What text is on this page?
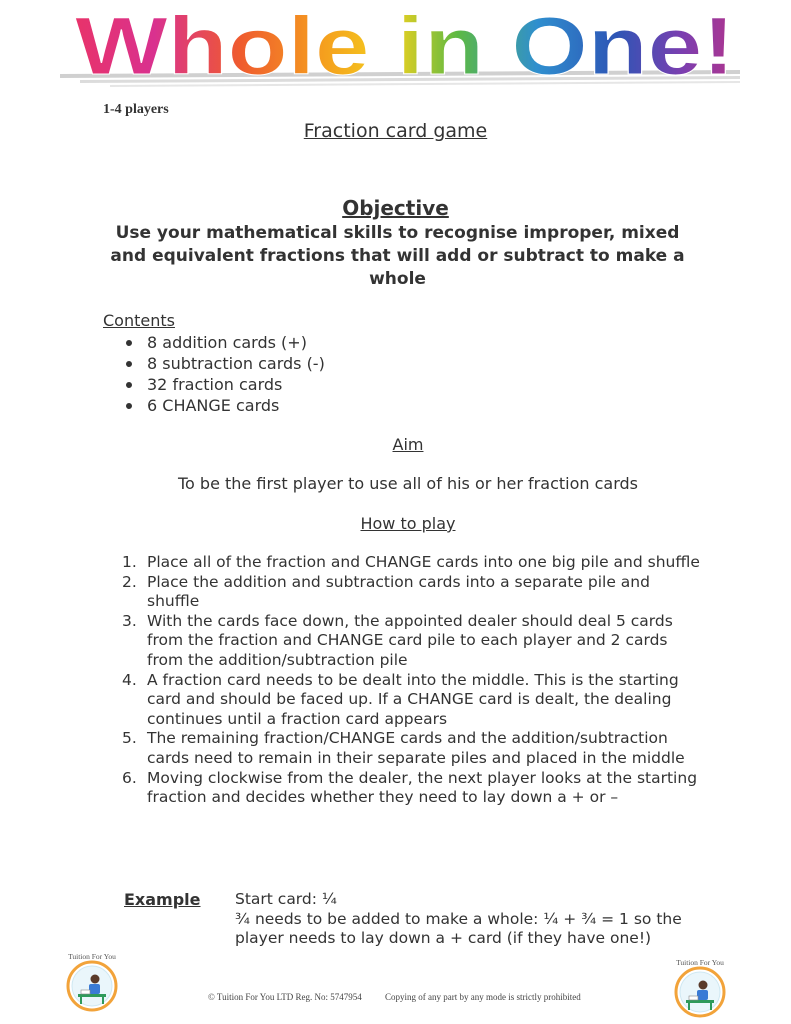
Whole in One!
1-4 players
Fraction card game
Objective
Use your mathematical skills to recognise improper, mixed and equivalent fractions that will add or subtract to make a whole
Contents
8 addition cards (+)
8 subtraction cards (-)
32 fraction cards
6 CHANGE cards
Aim
To be the first player to use all of his or her fraction cards
How to play
1. Place all of the fraction and CHANGE cards into one big pile and shuffle
2. Place the addition and subtraction cards into a separate pile and shuffle
3. With the cards face down, the appointed dealer should deal 5 cards from the fraction and CHANGE card pile to each player and 2 cards from the addition/subtraction pile
4. A fraction card needs to be dealt into the middle. This is the starting card and should be faced up. If a CHANGE card is dealt, the dealing continues until a fraction card appears
5. The remaining fraction/CHANGE cards and the addition/subtraction cards need to remain in their separate piles and placed in the middle
6. Moving clockwise from the dealer, the next player looks at the starting fraction and decides whether they need to lay down a + or –
Example Start card: ¼
¾ needs to be added to make a whole: ¼ + ¾ = 1 so the player needs to lay down a + card (if they have one!)
Tuition For You
Tuition For You
© Tuition For You LTD Reg. No: 5747954	Copying of any part by any mode is strictly prohibited
